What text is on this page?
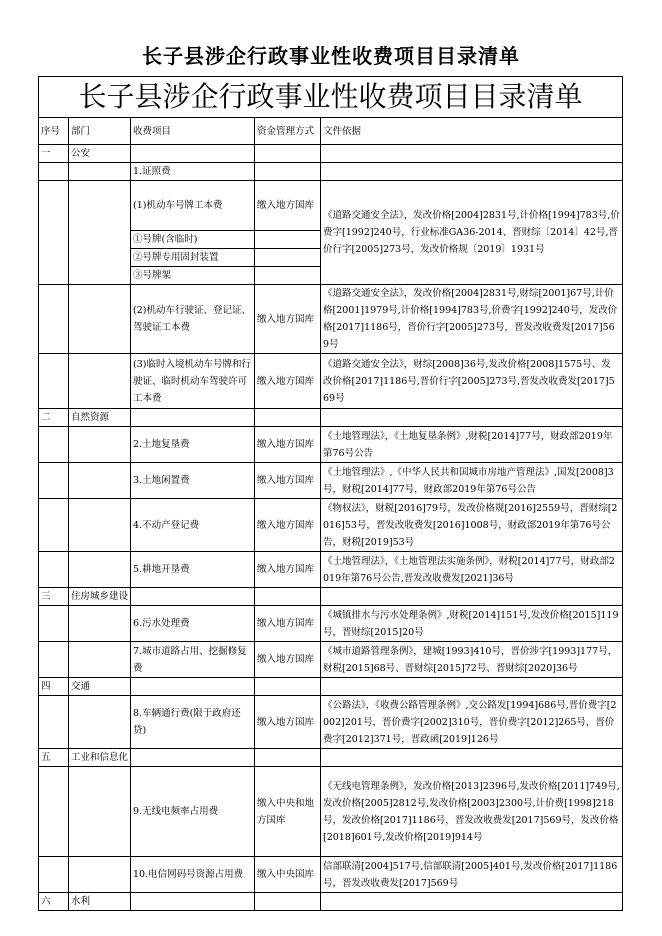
长子县涉企行政事业性收费项目目录清单
长子县涉企行政事业性收费项目目录清单				
序号	部门	收费项目	资金管理方式	文件依据
一	公安			
		1.证照费		
		(1)机动车号牌工本费	缴入地方国库	《道路交通安全法》，发改价格[2004]2831号,计价格[1994]783号,价费字[1992]240号，行业标准GA36-2014、晋财综〔2014〕42号,晋价行字[2005]273号，发改价格规〔2019〕1931号
		①号牌(含临时)		
		②号牌专用固封装置		
		③号牌架		
		(2)机动车行驶证、登记证、驾驶证工本费	缴入地方国库	《道路交通安全法》，发改价格[2004]2831号,财综[2001]67号,计价格[2001]1979号,计价格[1994]783号,价费字[1992]240号，发改价格[2017]1186号，晋价行字[2005]273号，晋发改收费发[2017]569号
		(3)临时入境机动车号牌和行驶证、临时机动车驾驶许可工本费	缴入地方国库	《道路交通安全法》，财综[2008]36号,发改价格[2008]1575号、发改价格[2017]1186号,晋价行字[2005]273号,晋发改收费发[2017]569号
二	自然资源			
		2.土地复垦费	缴入地方国库	《土地管理法》，《土地复垦条例》,财税[2014]77号，财政部2019年第76号公告
		3.土地闲置费	缴入地方国库	《土地管理法》,《中华人民共和国城市房地产管理法》,国发[2008]3号，财税[2014]77号，财政部2019年第76号公告
		4.不动产登记费	缴入地方国库	《物权法》，财税[2016]79号，发改价格规[2016]2559号，晋财综[2016]53号，晋发改收费发[2016]1008号，财政部2019年第76号公告，财税[2019]53号
		5.耕地开垦费	缴入地方国库	《土地管理法》，《土地管理法实施条例》，财税[2014]77号，财政部2019年第76号公告,晋发改收费发[2021]36号
三	住房城乡建设			
		6.污水处理费	缴入地方国库	《城镇排水与污水处理条例》,财税[2014]151号,发改价格[2015]119号，晋财综[2015]20号
		7.城市道路占用、挖掘修复费	缴入地方国库	《城市道路管理条例》，建城[1993]410号，晋价涉字[1993]177号，财税[2015]68号、晋财综[2015]72号、晋财综[2020]36号
四	交通			
		8.车辆通行费(限于政府还贷)	缴入地方国库	《公路法》，《收费公路管理条例》,交公路发[1994]686号,晋价费字[2002]201号，晋价费字[2002]310号，晋价费字[2012]265号，晋价费字[2012]371号，晋政函[2019]126号
五	工业和信息化			
		9.无线电频率占用费	缴入中央和地方国库	《无线电管理条例》，发改价格[2013]2396号,发改价格[2011]749号,发改价格[2005]2812号,发改价格[2003]2300号,计价费[1998]218号，发改价格[2017]1186号，晋发改收费发[2017]569号，发改价格[2018]601号,发改价格[2019]914号
		10.电信网码号资源占用费	缴入中央国库	信部联清[2004]517号,信部联清[2005]401号,发改价格[2017]1186号，晋发改收费发[2017]569号
六	水利			
